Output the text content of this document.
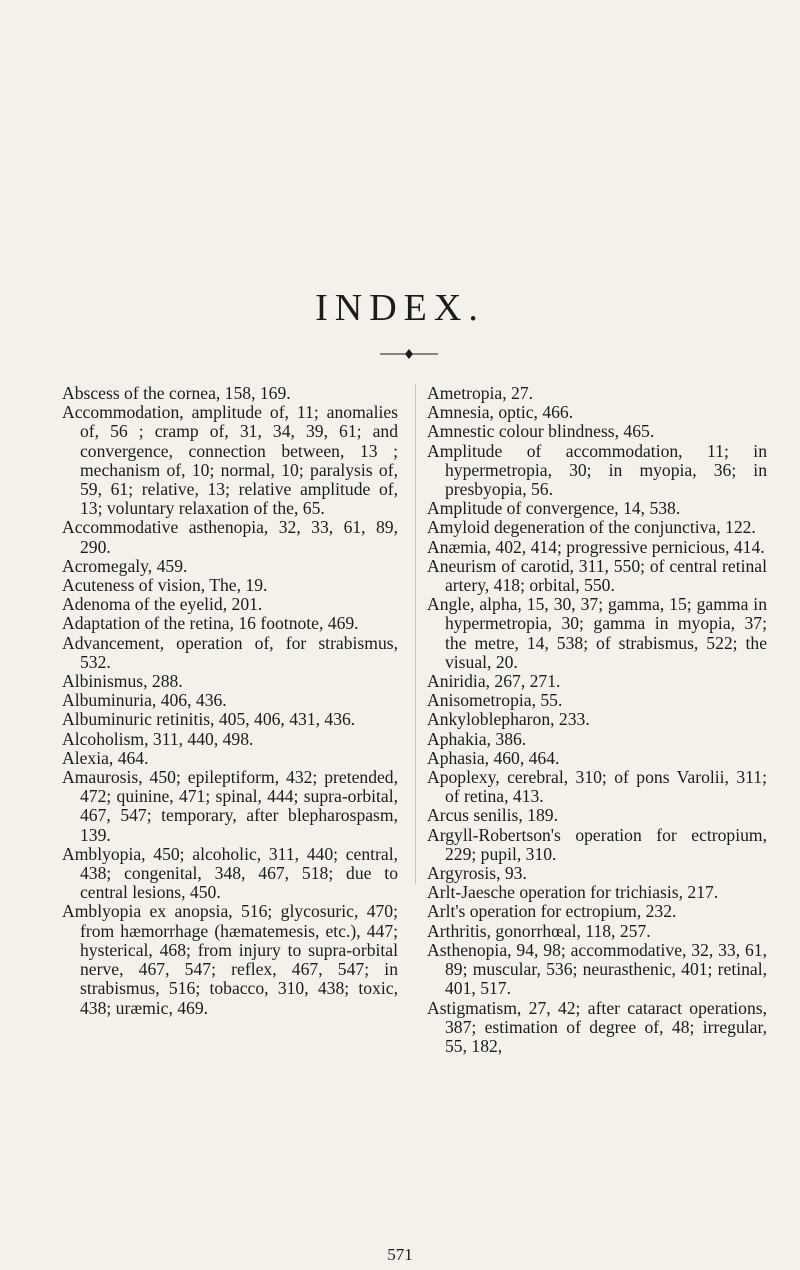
INDEX.

Abscess of the cornea, 158, 169.

Accommodation, amplitude of, 11; anomalies of, 56 ; cramp of, 31, 34, 39, 61; and convergence, connection between, 13 ; mechanism of, 10; normal, 10; paralysis of, 59, 61; relative, 13; relative amplitude of, 13; voluntary relaxation of the, 65.

Accommodative asthenopia, 32, 33, 61, 89, 290.

Acromegaly, 459.

Acuteness of vision, The, 19.

Adenoma of the eyelid, 201.

Adaptation of the retina, 16 footnote, 469.

Advancement, operation of, for strabismus, 532.

Albinismus, 288.

Albuminuria, 406, 436.

Albuminuric retinitis, 405, 406, 431, 436.

Alcoholism, 311, 440, 498.

Alexia, 464.

Amaurosis, 450; epileptiform, 432; pretended, 472; quinine, 471; spinal, 444; supra-orbital, 467, 547; temporary, after blepharospasm, 139.

Amblyopia, 450; alcoholic, 311, 440; central, 438; congenital, 348, 467, 518; due to central lesions, 450.

Amblyopia ex anopsia, 516; glycosuric, 470; from hæmorrhage (hæmatemesis, etc.), 447; hysterical, 468; from injury to supra-orbital nerve, 467, 547; reflex, 467, 547; in strabismus, 516; tobacco, 310, 438; toxic, 438; uræmic, 469.

Ametropia, 27.

Amnesia, optic, 466.

Amnestic colour blindness, 465.

Amplitude of accommodation, 11; in hypermetropia, 30; in myopia, 36; in presbyopia, 56.

Amplitude of convergence, 14, 538.

Amyloid degeneration of the conjunctiva, 122.

Anæmia, 402, 414; progressive pernicious, 414.

Aneurism of carotid, 311, 550; of central retinal artery, 418; orbital, 550.

Angle, alpha, 15, 30, 37; gamma, 15; gamma in hypermetropia, 30; gamma in myopia, 37; the metre, 14, 538; of strabismus, 522; the visual, 20.

Aniridia, 267, 271.

Anisometropia, 55.

Ankyloblepharon, 233.

Aphakia, 386.

Aphasia, 460, 464.

Apoplexy, cerebral, 310; of pons Varolii, 311; of retina, 413.

Arcus senilis, 189.

Argyll-Robertson's operation for ectropium, 229; pupil, 310.

Argyrosis, 93.

Arlt-Jaesche operation for trichiasis, 217.

Arlt's operation for ectropium, 232.

Arthritis, gonorrhœal, 118, 257.

Asthenopia, 94, 98; accommodative, 32, 33, 61, 89; muscular, 536; neurasthenic, 401; retinal, 401, 517.

Astigmatism, 27, 42; after cataract operations, 387; estimation of degree of, 48; irregular, 55, 182,

571
